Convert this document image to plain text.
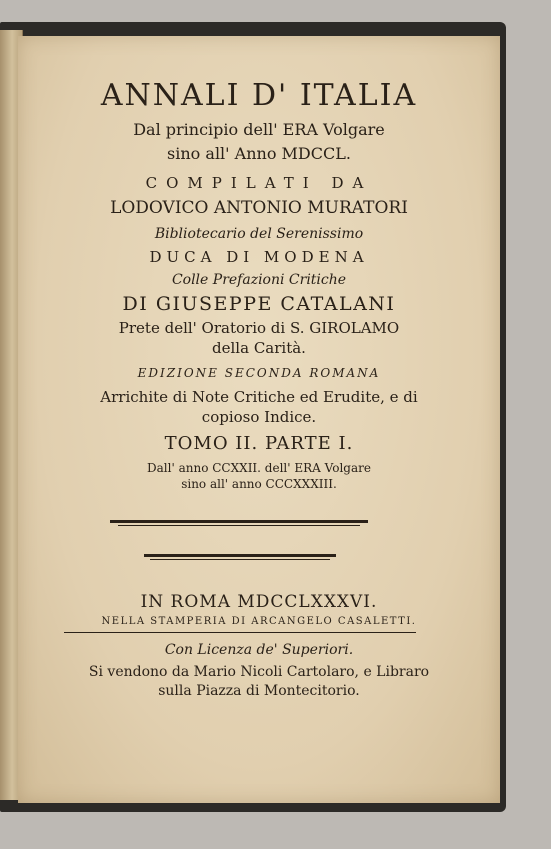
ANNALI D' ITALIA

Dal principio dell' ERA Volgare

sino all' Anno MDCCL.

COMPILATI DA

LODOVICO ANTONIO MURATORI

Bibliotecario del Serenissimo

DUCA DI MODENA

Colle Prefazioni Critiche

DI GIUSEPPE CATALANI

Prete dell' Oratorio di S. GIROLAMO

della Carità.

EDIZIONE SECONDA ROMANA

Arrichite di Note Critiche ed Erudite, e di

copioso Indice.

TOMO II. PARTE I.

Dall' anno CCXXII. dell' ERA Volgare

sino all' anno CCCXXXIII.

IN ROMA MDCCLXXXVI.

NELLA STAMPERIA DI ARCANGELO CASALETTI.

Con Licenza de' Superiori.

Si vendono da Mario Nicoli Cartolaro, e Libraro

sulla Piazza di Montecitorio.
